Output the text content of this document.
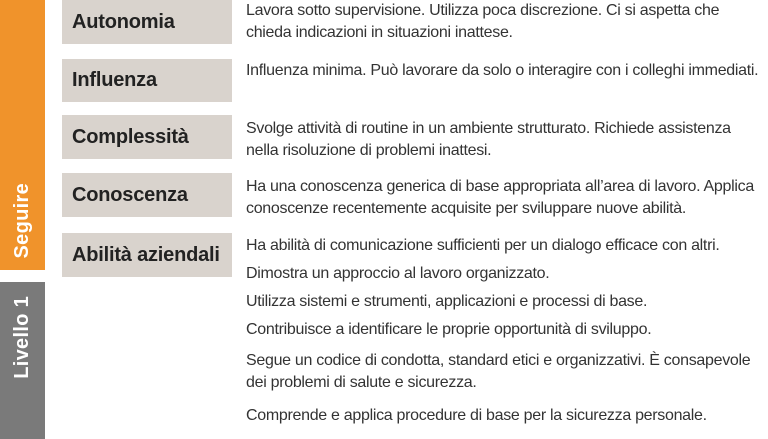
Seguire
Livello 1
Autonomia	Lavora sotto supervisione. Utilizza poca discrezione. Ci si aspetta che chieda indicazioni in situazioni inattese.
Influenza	Influenza minima. Può lavorare da solo o interagire con i colleghi immediati.
Complessità	Svolge attività di routine in un ambiente strutturato. Richiede assistenza nella risoluzione di problemi inattesi.
Conoscenza	Ha una conoscenza generica di base appropriata all’area di lavoro. Applica conoscenze recentemente acquisite per sviluppare nuove abilità.
Abilità aziendali	Ha abilità di comunicazione sufficienti per un dialogo efficace con altri.
Dimostra un approccio al lavoro organizzato.
Utilizza sistemi e strumenti, applicazioni e processi di base.
Contribuisce a identificare le proprie opportunità di sviluppo.
Segue un codice di condotta, standard etici e organizzativi. È consapevole dei problemi di salute e sicurezza.
Comprende e applica procedure di base per la sicurezza personale.
